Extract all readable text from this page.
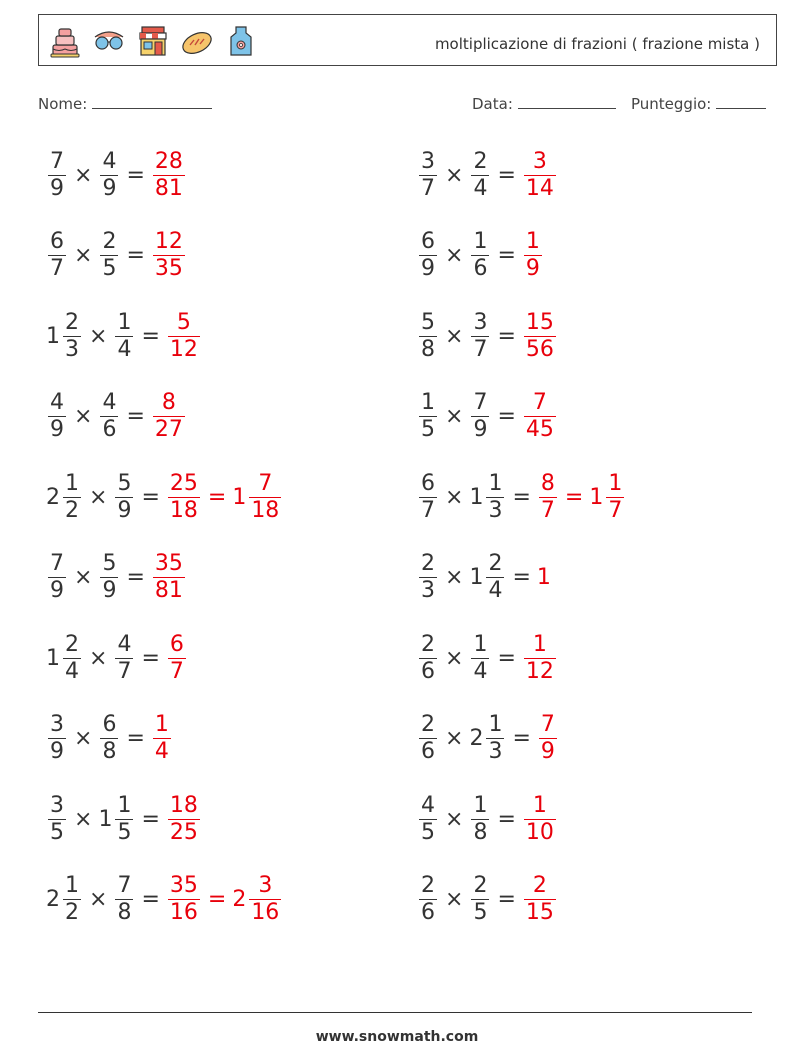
moltiplicazione di frazioni ( frazione mista )
Nome:	Data:	Punteggio:
$\frac{7}{9} \times \frac{4}{9} = \frac{28}{81}$	$\frac{3}{7} \times \frac{2}{4} = \frac{3}{14}$
$\frac{6}{7} \times \frac{2}{5} = \frac{12}{35}$	$\frac{6}{9} \times \frac{1}{6} = \frac{1}{9}$
$1 \frac{2}{3} \times \frac{1}{4} = \frac{5}{12}$	$\frac{5}{8} \times \frac{3}{7} = \frac{15}{56}$
$\frac{4}{9} \times \frac{4}{6} = \frac{8}{27}$	$\frac{1}{5} \times \frac{7}{9} = \frac{7}{45}$
$2 \frac{1}{2} \times \frac{5}{9} = \frac{25}{18} = 1 \frac{7}{18}$	$\frac{6}{7} \times 1 \frac{1}{3} = \frac{8}{7} = 1 \frac{1}{7}$
$\frac{7}{9} \times \frac{5}{9} = \frac{35}{81}$	$\frac{2}{3} \times 1 \frac{2}{4} = 1$
$1 \frac{2}{4} \times \frac{4}{7} = \frac{6}{7}$	$\frac{2}{6} \times \frac{1}{4} = \frac{1}{12}$
$\frac{3}{9} \times \frac{6}{8} = \frac{1}{4}$	$\frac{2}{6} \times 2 \frac{1}{3} = \frac{7}{9}$
$\frac{3}{5} \times 1 \frac{1}{5} = \frac{18}{25}$	$\frac{4}{5} \times \frac{1}{8} = \frac{1}{10}$
$2 \frac{1}{2} \times \frac{7}{8} = \frac{35}{16} = 2 \frac{3}{16}$	$\frac{2}{6} \times \frac{2}{5} = \frac{2}{15}$
www.snowmath.com
